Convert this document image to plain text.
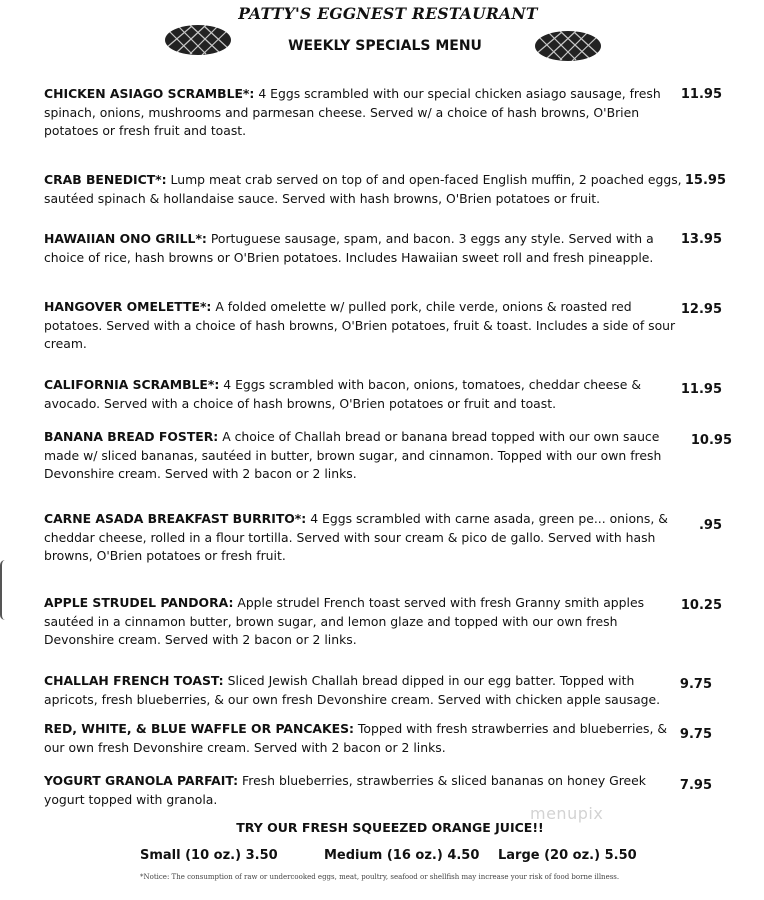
PATTY'S EGGNEST RESTAURANT
WEEKLY SPECIALS MENU
CHICKEN ASIAGO SCRAMBLE*: 4 Eggs scrambled with our special chicken asiago sausage, fresh spinach, onions, mushrooms and parmesan cheese. Served w/ a choice of hash browns, O'Brien potatoes or fresh fruit and toast.
11.95
CRAB BENEDICT*: Lump meat crab served on top of and open-faced English muffin, 2 poached eggs, sautéed spinach & hollandaise sauce. Served with hash browns, O'Brien potatoes or fruit.
15.95
HAWAIIAN ONO GRILL*: Portuguese sausage, spam, and bacon. 3 eggs any style. Served with a choice of rice, hash browns or O'Brien potatoes. Includes Hawaiian sweet roll and fresh pineapple.
13.95
HANGOVER OMELETTE*: A folded omelette w/ pulled pork, chile verde, onions & roasted red potatoes. Served with a choice of hash browns, O'Brien potatoes, fruit & toast. Includes a side of sour cream.
12.95
CALIFORNIA SCRAMBLE*: 4 Eggs scrambled with bacon, onions, tomatoes, cheddar cheese & avocado. Served with a choice of hash browns, O'Brien potatoes or fruit and toast.
11.95
BANANA BREAD FOSTER: A choice of Challah bread or banana bread topped with our own sauce made w/ sliced bananas, sautéed in butter, brown sugar, and cinnamon. Topped with our own fresh Devonshire cream. Served with 2 bacon or 2 links.
10.95
CARNE ASADA BREAKFAST BURRITO*: 4 Eggs scrambled with carne asada, green pe... onions, & cheddar cheese, rolled in a flour tortilla. Served with sour cream & pico de gallo. Served with hash browns, O'Brien potatoes or fresh fruit.
.95
APPLE STRUDEL PANDORA: Apple strudel French toast served with fresh Granny smith apples sautéed in a cinnamon butter, brown sugar, and lemon glaze and topped with our own fresh Devonshire cream. Served with 2 bacon or 2 links.
10.25
CHALLAH FRENCH TOAST: Sliced Jewish Challah bread dipped in our egg batter. Topped with apricots, fresh blueberries, & our own fresh Devonshire cream. Served with chicken apple sausage.
9.75
RED, WHITE, & BLUE WAFFLE OR PANCAKES: Topped with fresh strawberries and blueberries, & our own fresh Devonshire cream. Served with 2 bacon or 2 links.
9.75
YOGURT GRANOLA PARFAIT: Fresh blueberries, strawberries & sliced bananas on honey Greek yogurt topped with granola.
7.95
menupix
TRY OUR FRESH SQUEEZED ORANGE JUICE!!
Small (10 oz.) 3.50	Medium (16 oz.) 4.50 Large (20 oz.) 5.50
*Notice: The consumption of raw or undercooked eggs, meat, poultry, seafood or shellfish may increase your risk of food borne illness.
